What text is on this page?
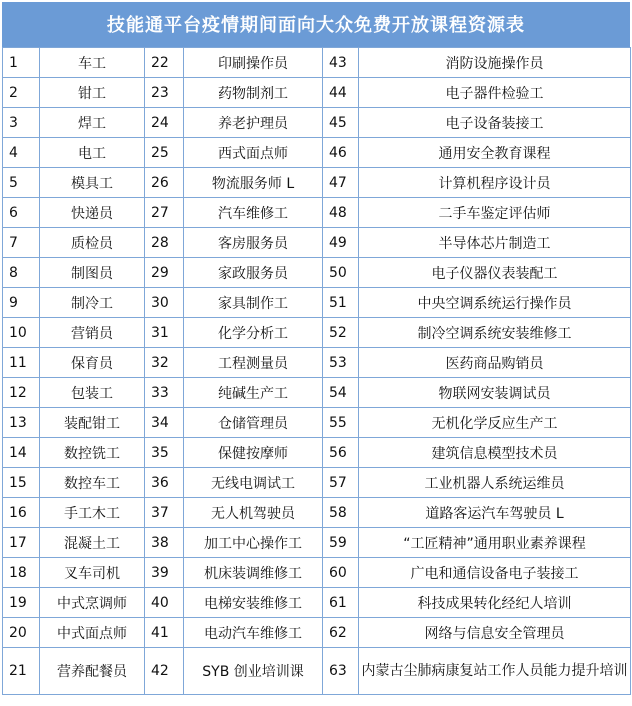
技能通平台疫情期间面向大众免费开放课程资源表
1	车工	22	印刷操作员	43	消防设施操作员
2	钳工	23	药物制剂工	44	电子器件检验工
3	焊工	24	养老护理员	45	电子设备装接工
4	电工	25	西式面点师	46	通用安全教育课程
5	模具工	26	物流服务师 L	47	计算机程序设计员
6	快递员	27	汽车维修工	48	二手车鉴定评估师
7	质检员	28	客房服务员	49	半导体芯片制造工
8	制图员	29	家政服务员	50	电子仪器仪表装配工
9	制冷工	30	家具制作工	51	中央空调系统运行操作员
10	营销员	31	化学分析工	52	制冷空调系统安装维修工
11	保育员	32	工程测量员	53	医药商品购销员
12	包装工	33	纯碱生产工	54	物联网安装调试员
13	装配钳工	34	仓储管理员	55	无机化学反应生产工
14	数控铣工	35	保健按摩师	56	建筑信息模型技术员
15	数控车工	36	无线电调试工	57	工业机器人系统运维员
16	手工木工	37	无人机驾驶员	58	道路客运汽车驾驶员 L
17	混凝土工	38	加工中心操作工	59	“工匠精神”通用职业素养课程
18	叉车司机	39	机床装调维修工	60	广电和通信设备电子装接工
19	中式烹调师	40	电梯安装维修工	61	科技成果转化经纪人培训
20	中式面点师	41	电动汽车维修工	62	网络与信息安全管理员
21	营养配餐员	42	SYB 创业培训课	63	内蒙古尘肺病康复站工作人员能力提升培训
